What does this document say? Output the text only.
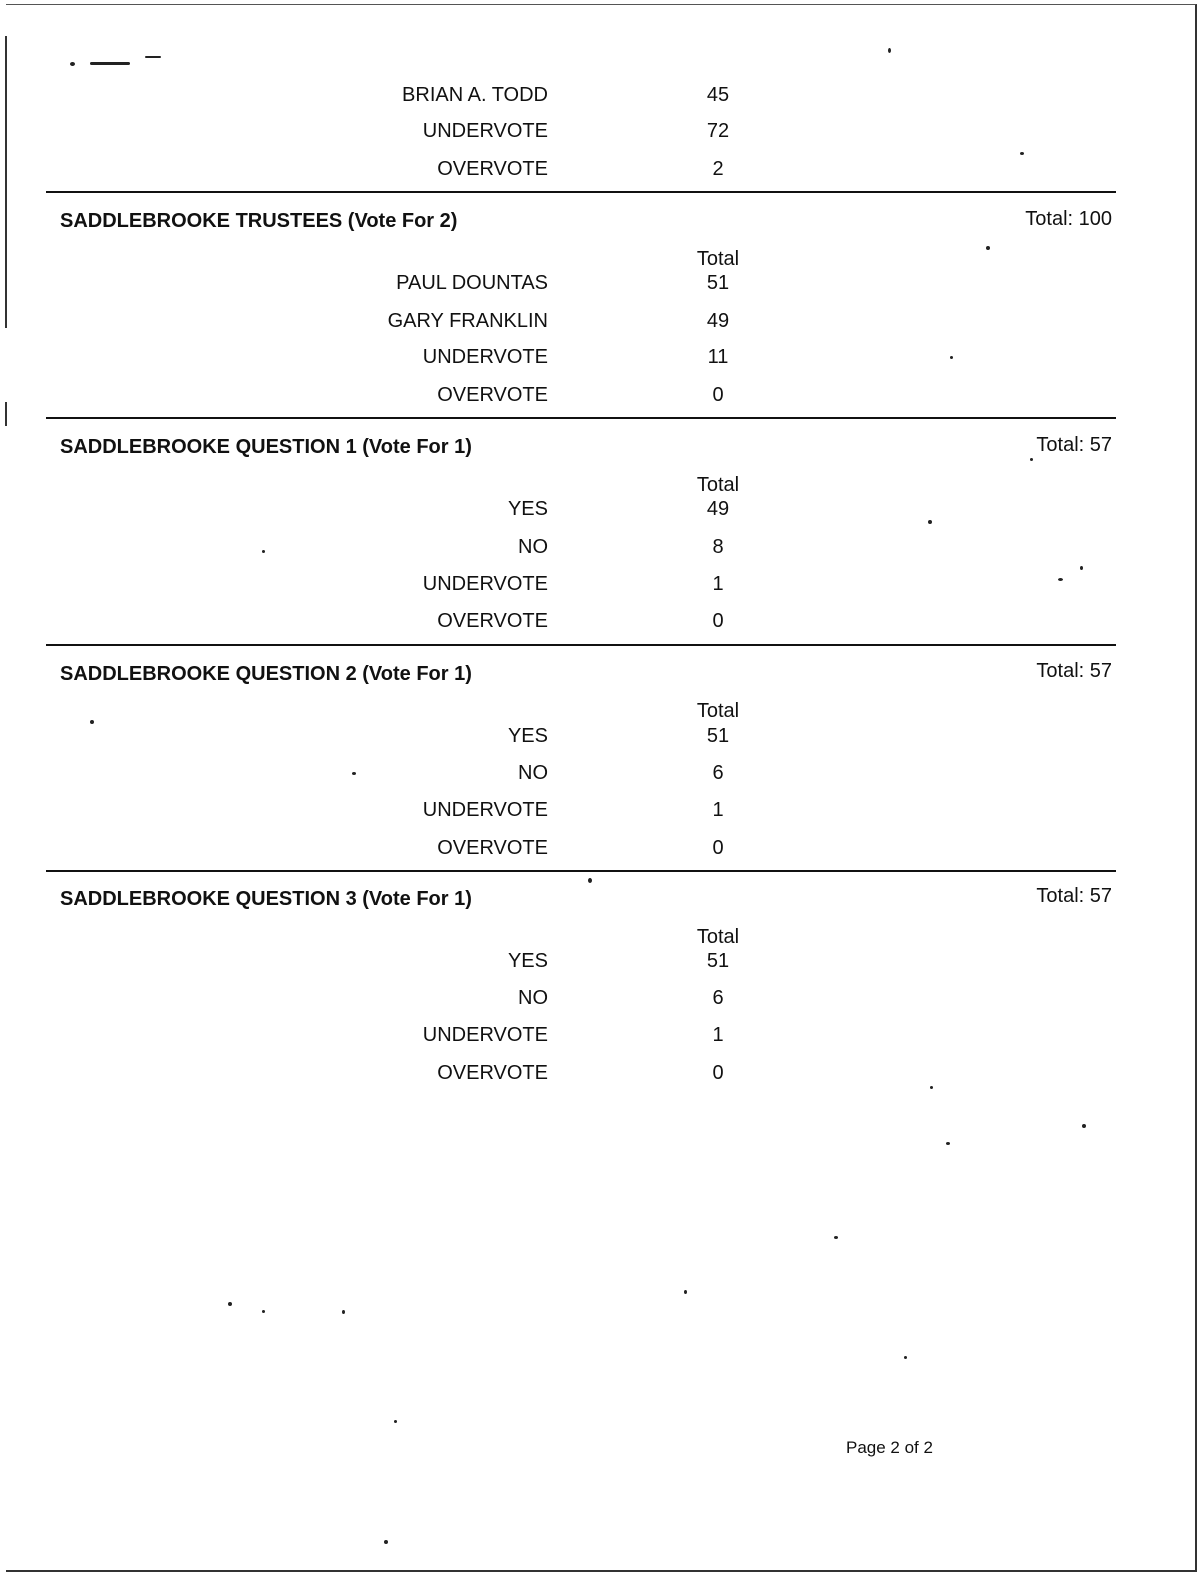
BRIAN A. TODD	45
UNDERVOTE	72
OVERVOTE	2
SADDLEBROOKE TRUSTEES (Vote For 2)	Total: 100
Total
PAUL DOUNTAS	51
GARY FRANKLIN	49
UNDERVOTE	11
OVERVOTE	0
SADDLEBROOKE QUESTION 1 (Vote For 1)	Total: 57
Total
YES	49
NO	8
UNDERVOTE	1
OVERVOTE	0
SADDLEBROOKE QUESTION 2 (Vote For 1)	Total: 57
Total
YES	51
NO	6
UNDERVOTE	1
OVERVOTE	0
SADDLEBROOKE QUESTION 3 (Vote For 1)	Total: 57
Total
YES	51
NO	6
UNDERVOTE	1
OVERVOTE	0
Page 2 of 2
